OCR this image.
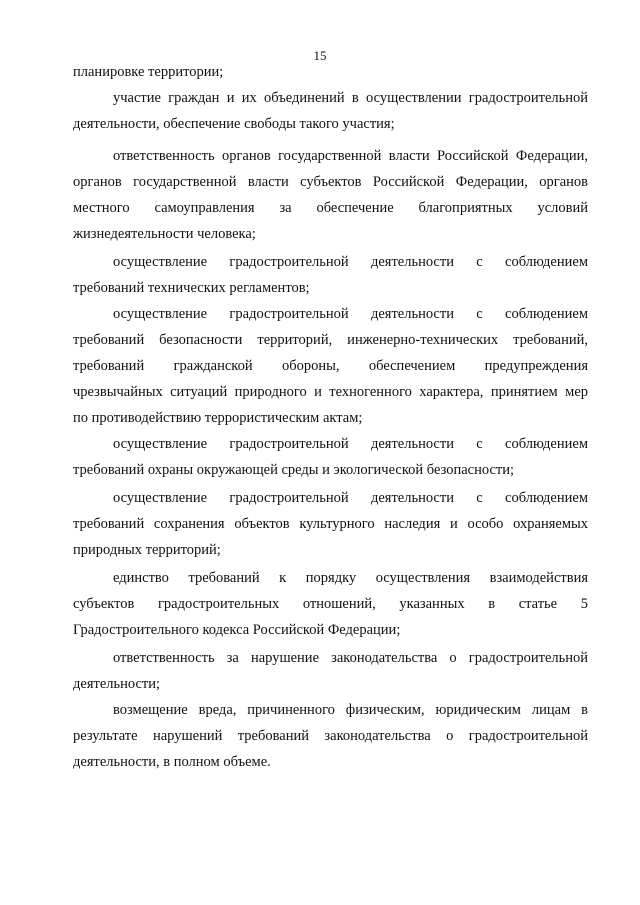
15
планировке территории;
участие граждан и их объединений в осуществлении градостроительной
деятельности, обеспечение свободы такого участия;
ответственность органов государственной власти Российской Федерации,
органов государственной власти субъектов Российской Федерации, органов
местного самоуправления за обеспечение благоприятных условий
жизнедеятельности человека;
осуществление градостроительной деятельности с соблюдением
требований технических регламентов;
осуществление градостроительной деятельности с соблюдением
требований безопасности территорий, инженерно-технических требований,
требований гражданской обороны, обеспечением предупреждения
чрезвычайных ситуаций природного и техногенного характера, принятием мер
по противодействию террористическим актам;
осуществление градостроительной деятельности с соблюдением
требований охраны окружающей среды и экологической безопасности;
осуществление градостроительной деятельности с соблюдением
требований сохранения объектов культурного наследия и особо охраняемых
природных территорий;
единство требований к порядку осуществления взаимодействия
субъектов градостроительных отношений, указанных в статье 5
Градостроительного кодекса Российской Федерации;
ответственность за нарушение законодательства о градостроительной
деятельности;
возмещение вреда, причиненного физическим, юридическим лицам в
результате нарушений требований законодательства о градостроительной
деятельности, в полном объеме.
